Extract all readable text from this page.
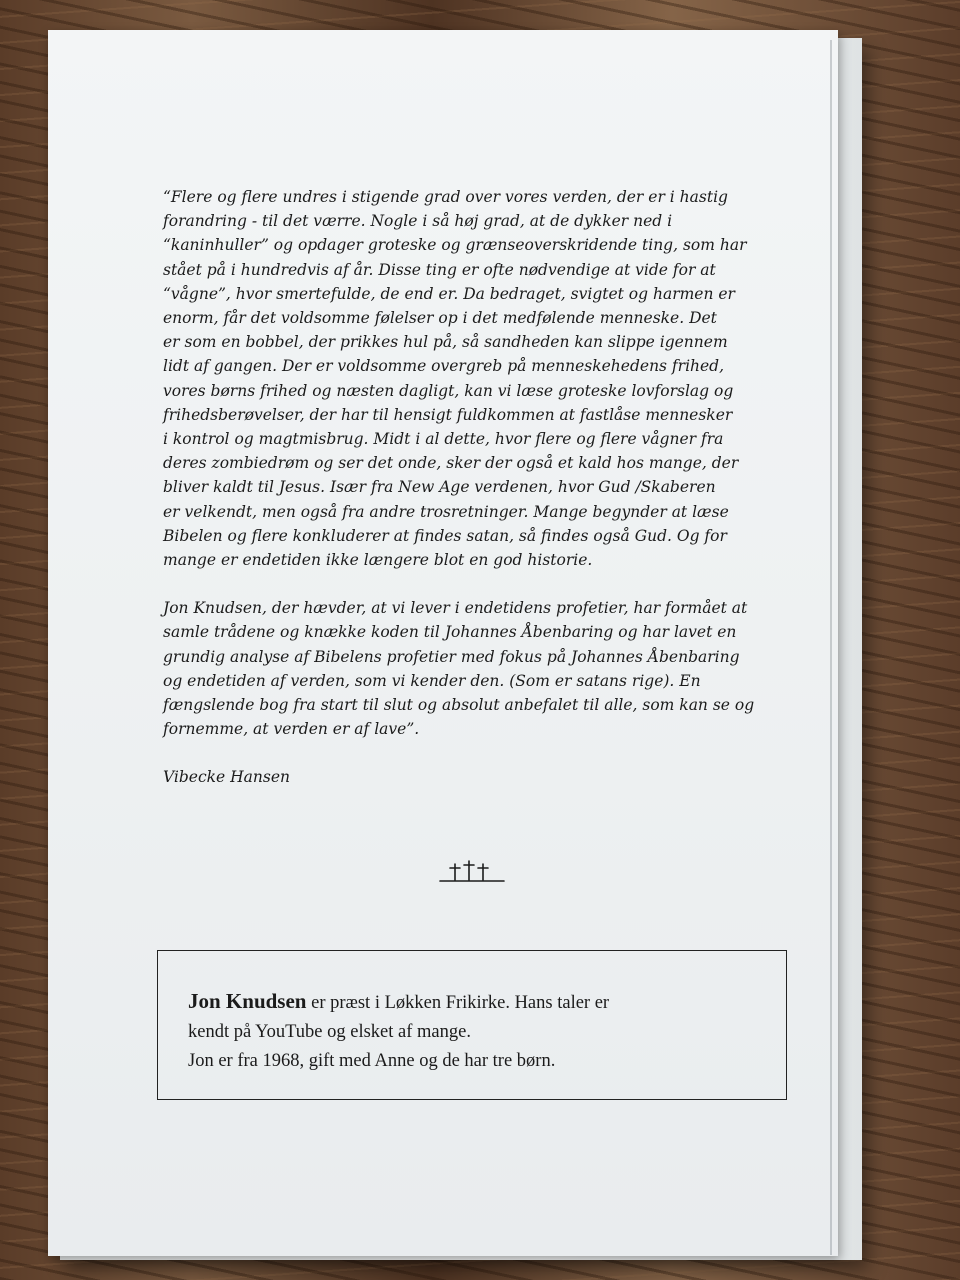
“Flere og flere undres i stigende grad over vores verden, der er i hastig
forandring - til det værre. Nogle i så høj grad, at de dykker ned i
“kaninhuller” og opdager groteske og grænseoverskridende ting, som har
stået på i hundredvis af år. Disse ting er ofte nødvendige at vide for at
“vågne”, hvor smertefulde, de end er. Da bedraget, svigtet og harmen er
enorm, får det voldsomme følelser op i det medfølende menneske. Det
er som en bobbel, der prikkes hul på, så sandheden kan slippe igennem
lidt af gangen. Der er voldsomme overgreb på menneskehedens frihed,
vores børns frihed og næsten dagligt, kan vi læse groteske lovforslag og
frihedsberøvelser, der har til hensigt fuldkommen at fastlåse mennesker
i kontrol og magtmisbrug. Midt i al dette, hvor flere og flere vågner fra
deres zombiedrøm og ser det onde, sker der også et kald hos mange, der
bliver kaldt til Jesus. Især fra New Age verdenen, hvor Gud /Skaberen
er velkendt, men også fra andre trosretninger. Mange begynder at læse
Bibelen og flere konkluderer at findes satan, så findes også Gud. Og for
mange er endetiden ikke længere blot en god historie.
Jon Knudsen, der hævder, at vi lever i endetidens profetier, har formået at
samle trådene og knække koden til Johannes Åbenbaring og har lavet en
grundig analyse af Bibelens profetier med fokus på Johannes Åbenbaring
og endetiden af verden, som vi kender den. (Som er satans rige). En
fængslende bog fra start til slut og absolut anbefalet til alle, som kan se og
fornemme, at verden er af lave”.
Vibecke Hansen
Jon Knudsen er præst i Løkken Frikirke. Hans taler er
kendt på YouTube og elsket af mange.
Jon er fra 1968, gift med Anne og de har tre børn.
